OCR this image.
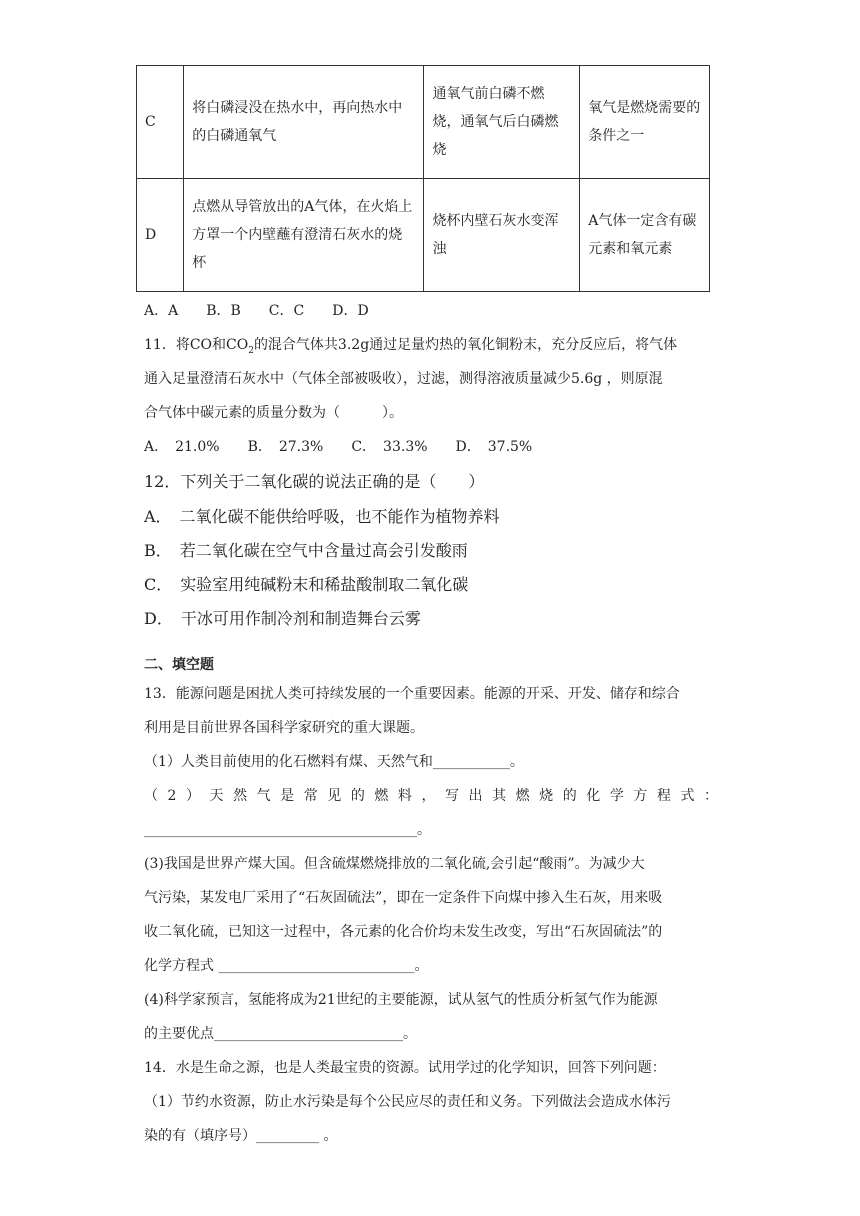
C	将白磷浸没在热水中，再向热水中的白磷通氧气	通氧气前白磷不燃烧，通氧气后白磷燃烧	氧气是燃烧需要的条件之一
D	点燃从导管放出的A气体，在火焰上方罩一个内壁蘸有澄清石灰水的烧杯	烧杯内壁石灰水变浑浊	A气体一定含有碳元素和氧元素
A．A　　B．B　　C．C　　D．D
11．将CO和$CO_2$的混合气体共3.2g通过足量灼热的氧化铜粉末，充分反应后，将气体
通入足量澄清石灰水中（气体全部被吸收），过滤，测得溶液质量减少5.6g ，则原混
合气体中碳元素的质量分数为（　　　）。
A．　21.0%　　B．　27.3%　　C．　33.3%　　D．　37.5%
12．下列关于二氧化碳的说法正确的是（　　）
A．　二氧化碳不能供给呼吸，也不能作为植物养料
B．　若二氧化碳在空气中含量过高会引发酸雨
C．　实验室用纯碱粉末和稀盐酸制取二氧化碳
D．　干冰可用作制冷剂和制造舞台云雾
二、填空题
13．能源问题是困扰人类可持续发展的一个重要因素。能源的开采、开发、储存和综合
利用是目前世界各国科学家研究的重大课题。
（1）人类目前使用的化石燃料有煤、天然气和___________。
（2）天然气是常见的燃料，写出其燃烧的化学方程式：
_______________________________________。
(3)我国是世界产煤大国。但含硫煤燃烧排放的二氧化硫,会引起“酸雨”。为减少大
气污染，某发电厂采用了“石灰固硫法”，即在一定条件下向煤中掺入生石灰，用来吸
收二氧化硫，已知这一过程中，各元素的化合价均未发生改变，写出“石灰固硫法”的
化学方程式 ____________________________。
(4)科学家预言，氢能将成为21世纪的主要能源，试从氢气的性质分析氢气作为能源
的主要优点___________________________。
14．水是生命之源，也是人类最宝贵的资源。试用学过的化学知识，回答下列问题：
（1）节约水资源，防止水污染是每个公民应尽的责任和义务。下列做法会造成水体污
染的有（填序号）_________ 。
